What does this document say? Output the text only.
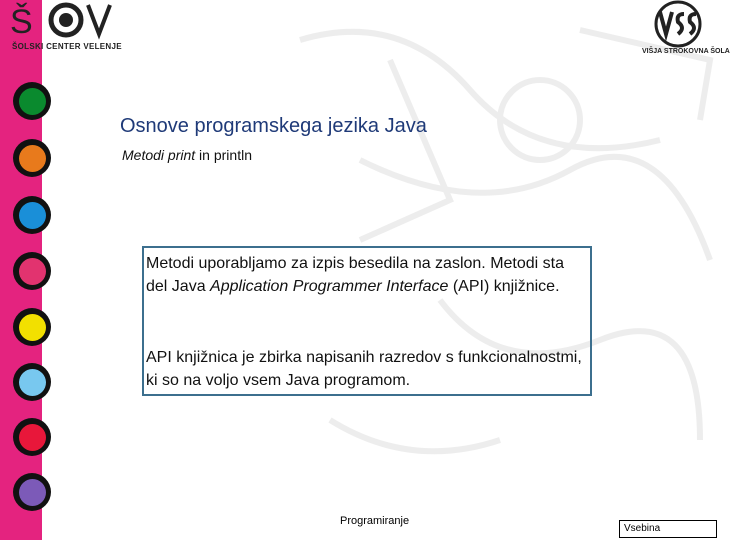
Š
ŠOLSKI CENTER VELENJE
VIŠJA STROKOVNA ŠOLA
Osnove programskega jezika Java
Metodi print in println
Metodi uporabljamo za izpis besedila na zaslon. Metodi sta del Java Application Programmer Interface (API) knjižnice.
API knjižnica je zbirka napisanih razredov s funkcionalnostmi, ki so na voljo vsem Java programom.
Programiranje
Vsebina
